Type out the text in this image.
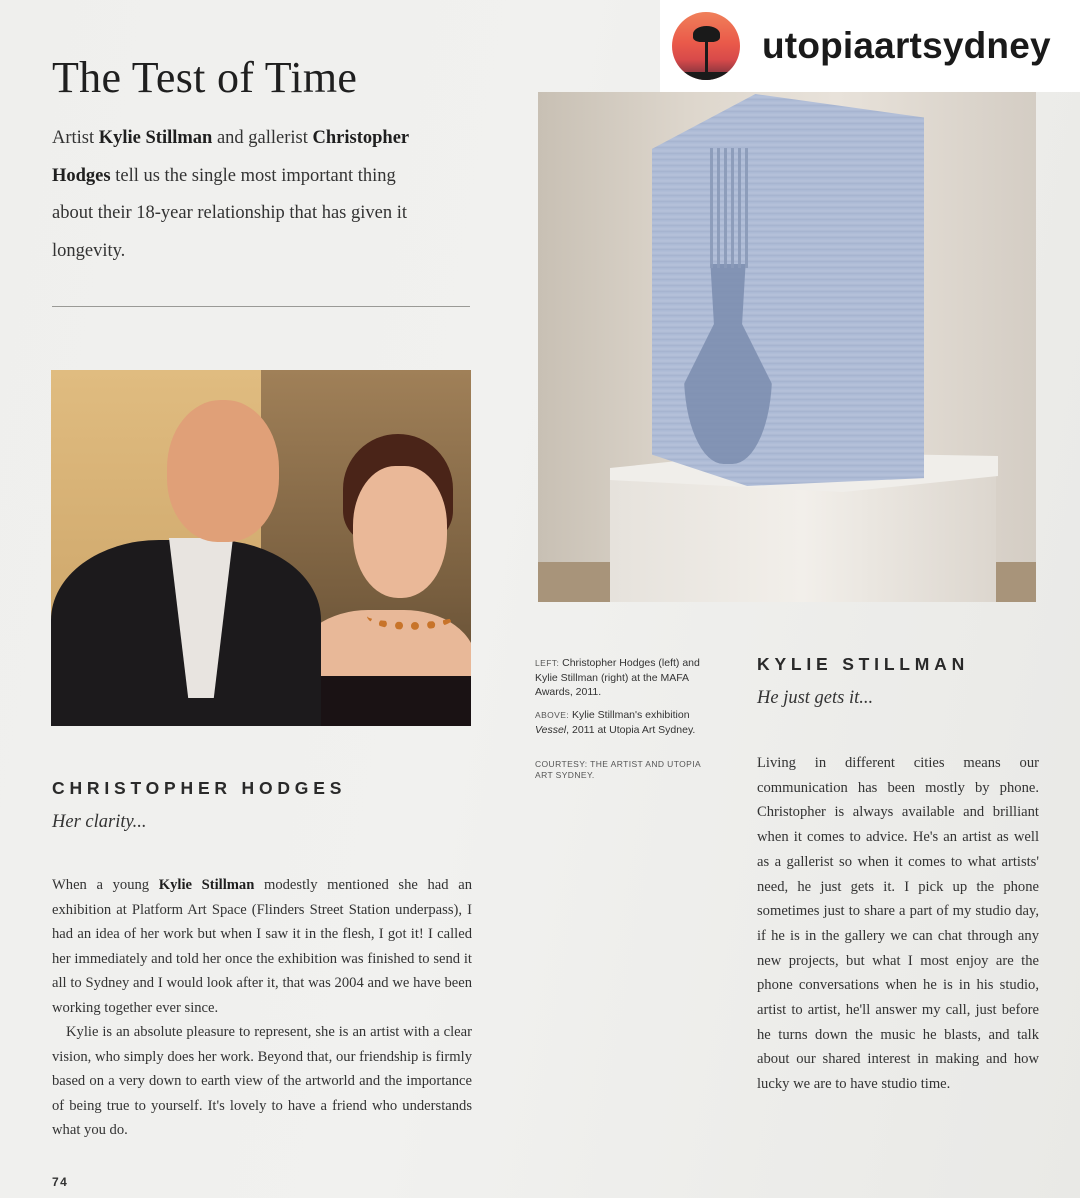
utopiaartsydney
The Test of Time

Artist Kylie Stillman and gallerist Christopher Hodges tell us the single most important thing about their 18-year relationship that has given it longevity.

LEFT: Christopher Hodges (left) and Kylie Stillman (right) at the MAFA Awards, 2011.

ABOVE: Kylie Stillman's exhibition Vessel, 2011 at Utopia Art Sydney.

COURTESY: THE ARTIST AND UTOPIA ART SYDNEY.

KYLIE STILLMAN

He just gets it...

CHRISTOPHER HODGES

Her clarity...

When a young Kylie Stillman modestly mentioned she had an exhibition at Platform Art Space (Flinders Street Station underpass), I had an idea of her work but when I saw it in the flesh, I got it! I called her immediately and told her once the exhibition was finished to send it all to Sydney and I would look after it, that was 2004 and we have been working together ever since.

Kylie is an absolute pleasure to represent, she is an artist with a clear vision, who simply does her work. Beyond that, our friendship is firmly based on a very down to earth view of the artworld and the importance of being true to yourself. It's lovely to have a friend who understands what you do.

Living in different cities means our communication has been mostly by phone. Christopher is always available and brilliant when it comes to advice. He's an artist as well as a gallerist so when it comes to what artists' need, he just gets it. I pick up the phone sometimes just to share a part of my studio day, if he is in the gallery we can chat through any new projects, but what I most enjoy are the phone conversations when he is in his studio, artist to artist, he'll answer my call, just before he turns down the music he blasts, and talk about our shared interest in making and how lucky we are to have studio time.

74
